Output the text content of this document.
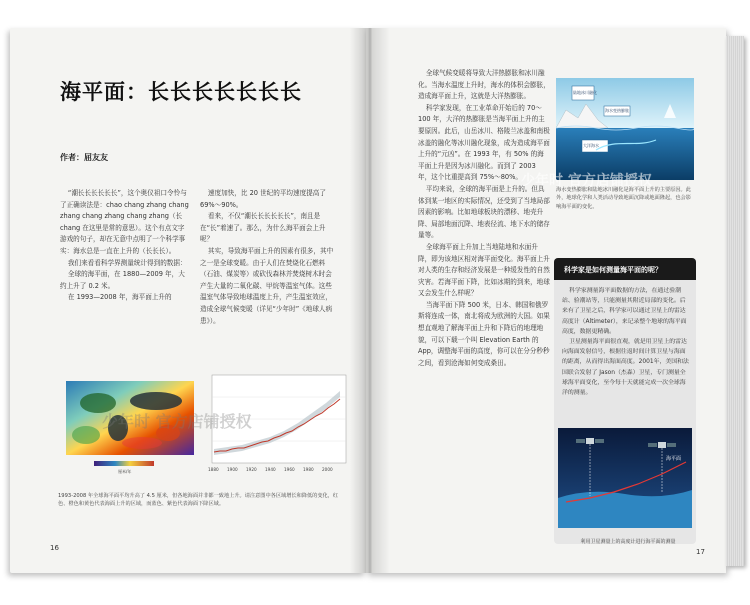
海平面：长长长长长长长
作者：屈友友

“潮长长长长长长”，这个奥仪祖口令怜与了正确读法是：chao chang zhang chang zhang chang zhang chang zhang（长 chang 在这里是常的意思）。这个有点文字游戏的句子，却在无意中点明了一个科学事实：海水总是一直在上升的（长长长）。

我们来看看科学界测量统计得到的数据：

全球的海平面，在 1880—2009 年，大约上升了 0.2 米。

在 1993—2008 年，海平面上升的

速度加快，比 20 世纪的平均速度提高了 69%～90%。

看来，不仅“潮长长长长长长”，南且是在“长”着速了。那么，为什么海平面会上升呢？

其实，导致海平面上升的因素有很多，其中之一是全球变暖。由于人们在焚烧化石燃料（石油、煤炭等）或砍伐森林并焚烧树木时会产生大量的二氧化碳、甲烷等温室气体。这些温室气体导致地球温度上升，产生温室效应，造成全球气候变暖（详见“少年时”《地球人病患》）。

厘米/年	1880 1900 1920 1940 1960 1980 2000
1993-2008 年全球海平面平均升高了 4.5 厘米，但各地海面并非都一致地上升。请注意图中各区域增长和降低的变化，红色、橙色和黄色代表海面上升的区域，而蓝色、紫色代表海面下降区域。
16
少年时 官方店铺授权

全球气候变暖将导致大洋热膨胀和冰川融化。当海水温度上升时，海水的体积会膨胀，造成海平面上升，这就是大洋热膨胀。

科学家发现，在工业革命开始后的 70～100 年，大洋的热膨胀是当海平面上升的主要原因。此后，山岳冰川、格陵兰冰盖和南极冰盖的融化等冰川融化现象，成为造成海平面上升的“元凶”。在 1993 年，有 50% 的海平面上升是因为冰川融化。而到了 2003 年，这个比重提高到 75%～80%。

平均来说，全球的海平面是上升的。但具体到某一地区的实际情况，还受到了当地局部因素的影响。比如地球板块的漂移、地壳升降、局部地面沉降、地表径流、地下水的储存量等。

全球海平面上升加上当地陆地和水面升降，即为该地区相对海平面变化。海平面上升对人类的生存和经济发展是一种缓发性的自然灾害。若海平面下降，比如冰期的到来，地球又会发生什么样呢？

当海平面下降 500 米，日本、韩国和俄罗斯将连成一体，南北将成为欧洲的大国。如果想直观地了解海平面上升和下降后的地理地貌，可以下载一个叫 Elevation Earth 的 App，调整海平面的高度，你可以在分分秒秒之间，看到沧海如何变成桑田。

陆地冰川融化
海水变热膨胀
大洋海水
海水变热膨胀和陆地冰川融化是海平面上升的主要原因。此外，地球化学和人类活动导致地面沉降或地面隆起，也会影响海平面的变化。
少年时 官方店铺授权
科学家是如何测量海平面的呢？

科学家测量海平面数据的方法，在通过验潮站、验潮站等，只能测量其附近局部的变化。后来有了卫星之后，科学家可以通过卫星上的雷达高度计（Altimeter），来记录整个地球的海平面高度，数据更精确。

卫星测量海平面很直观，就是用卫星上的雷达向海面发射信号，根据往返时间计算卫星与海面的距离，从而得出海面高度。2001年，美国和法国联合发射了 Jason（杰森）卫星，专门测量全球海平面变化，至今每十天就能完成一次全球海洋的测量。

海平面
利用卫星测量上的高度计进行海平面的测量
17
